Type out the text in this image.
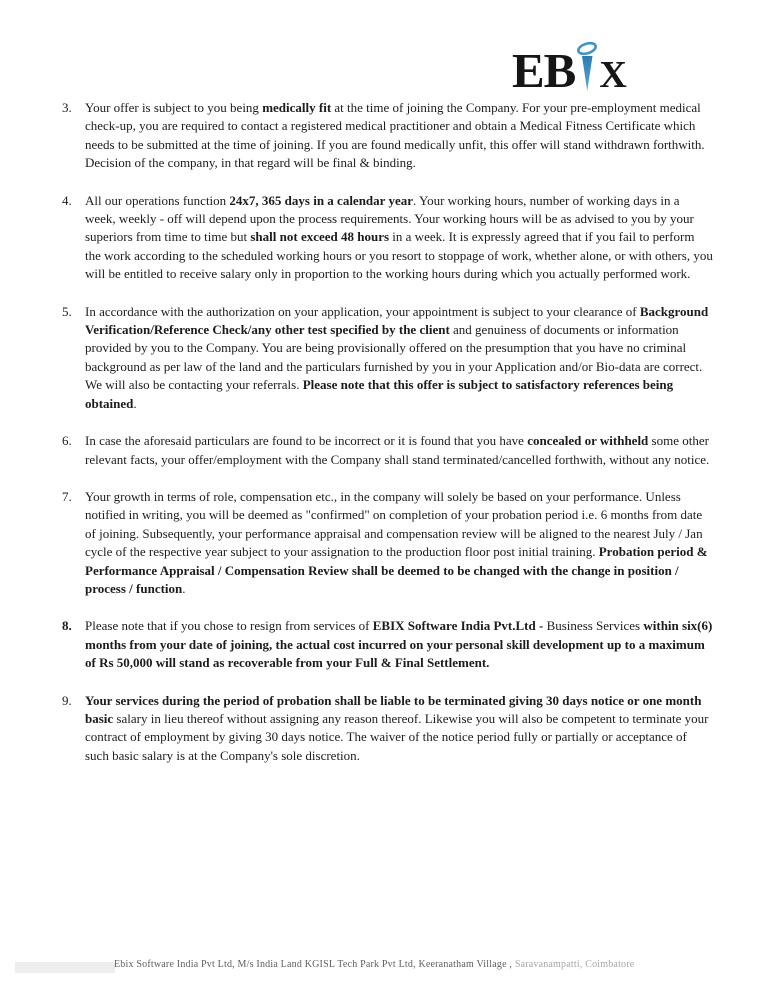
EB X
3.	Your offer is subject to you being medically fit at the time of joining the Company. For your pre-employment medical check-up, you are required to contact a registered medical practitioner and obtain a Medical Fitness Certificate which needs to be submitted at the time of joining. If you are found medically unfit, this offer will stand withdrawn forthwith. Decision of the company, in that regard will be final & binding.

4.	All our operations function 24x7, 365 days in a calendar year. Your working hours, number of working days in a week, weekly - off will depend upon the process requirements. Your working hours will be as advised to you by your superiors from time to time but shall not exceed 48 hours in a week. It is expressly agreed that if you fail to perform the work according to the scheduled working hours or you resort to stoppage of work, whether alone, or with others, you will be entitled to receive salary only in proportion to the working hours during which you actually performed work.

5.	In accordance with the authorization on your application, your appointment is subject to your clearance of Background Verification/Reference Check/any other test specified by the client and genuiness of documents or information provided by you to the Company. You are being provisionally offered on the presumption that you have no criminal background as per law of the land and the particulars furnished by you in your Application and/or Bio-data are correct. We will also be contacting your referrals. Please note that this offer is subject to satisfactory references being obtained.

6.	In case the aforesaid particulars are found to be incorrect or it is found that you have concealed or withheld some other relevant facts, your offer/employment with the Company shall stand terminated/cancelled forthwith, without any notice.

7.	Your growth in terms of role, compensation etc., in the company will solely be based on your performance. Unless notified in writing, you will be deemed as "confirmed" on completion of your probation period i.e. 6 months from date of joining. Subsequently, your performance appraisal and compensation review will be aligned to the nearest July / Jan cycle of the respective year subject to your assignation to the production floor post initial training. Probation period & Performance Appraisal / Compensation Review shall be deemed to be changed with the change in position / process / function.

8.	Please note that if you chose to resign from services of EBIX Software India Pvt.Ltd - Business Services within six(6) months from your date of joining, the actual cost incurred on your personal skill development up to a maximum of Rs 50,000 will stand as recoverable from your Full & Final Settlement.

9.	Your services during the period of probation shall be liable to be terminated giving 30 days notice or one month basic salary in lieu thereof without assigning any reason thereof. Likewise you will also be competent to terminate your contract of employment by giving 30 days notice. The waiver of the notice period fully or partially or acceptance of such basic salary is at the Company's sole discretion.

Ebix Software India Pvt Ltd, M/s India Land KGISL Tech Park Pvt Ltd, Keeranatham Village , Saravanampatti, Coimbatore
